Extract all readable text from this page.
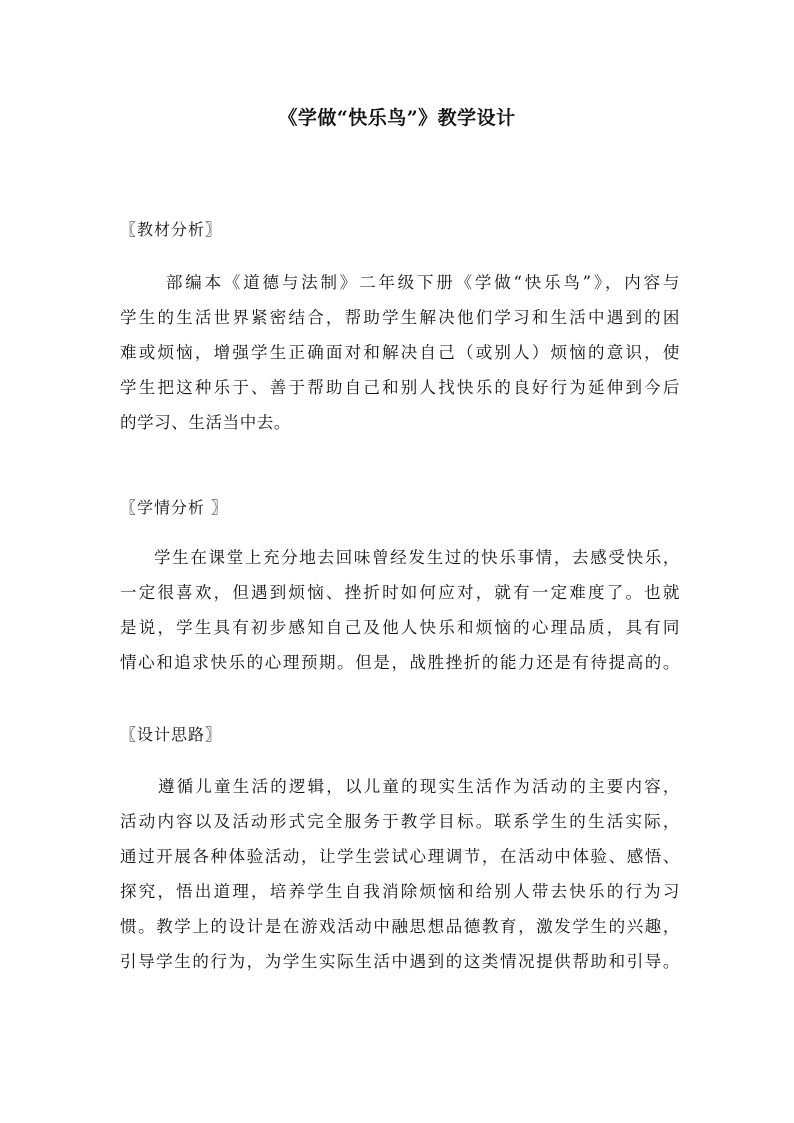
《学做“快乐鸟”》教学设计
〖教材分析〗
部编本《道德与法制》二年级下册《学做“快乐鸟”》，内容与
学生的生活世界紧密结合，帮助学生解决他们学习和生活中遇到的困
难或烦恼，增强学生正确面对和解决自己（或别人）烦恼的意识，使
学生把这种乐于、善于帮助自己和别人找快乐的良好行为延伸到今后
的学习、生活当中去。
〖学情分析 〗
学生在课堂上充分地去回味曾经发生过的快乐事情，去感受快乐，
一定很喜欢，但遇到烦恼、挫折时如何应对，就有一定难度了。也就
是说，学生具有初步感知自己及他人快乐和烦恼的心理品质，具有同
情心和追求快乐的心理预期。但是，战胜挫折的能力还是有待提高的。
〖设计思路〗
遵循儿童生活的逻辑，以儿童的现实生活作为活动的主要内容，
活动内容以及活动形式完全服务于教学目标。联系学生的生活实际，
通过开展各种体验活动，让学生尝试心理调节，在活动中体验、感悟、
探究，悟出道理，培养学生自我消除烦恼和给别人带去快乐的行为习
惯。教学上的设计是在游戏活动中融思想品德教育，激发学生的兴趣，
引导学生的行为，为学生实际生活中遇到的这类情况提供帮助和引导。
